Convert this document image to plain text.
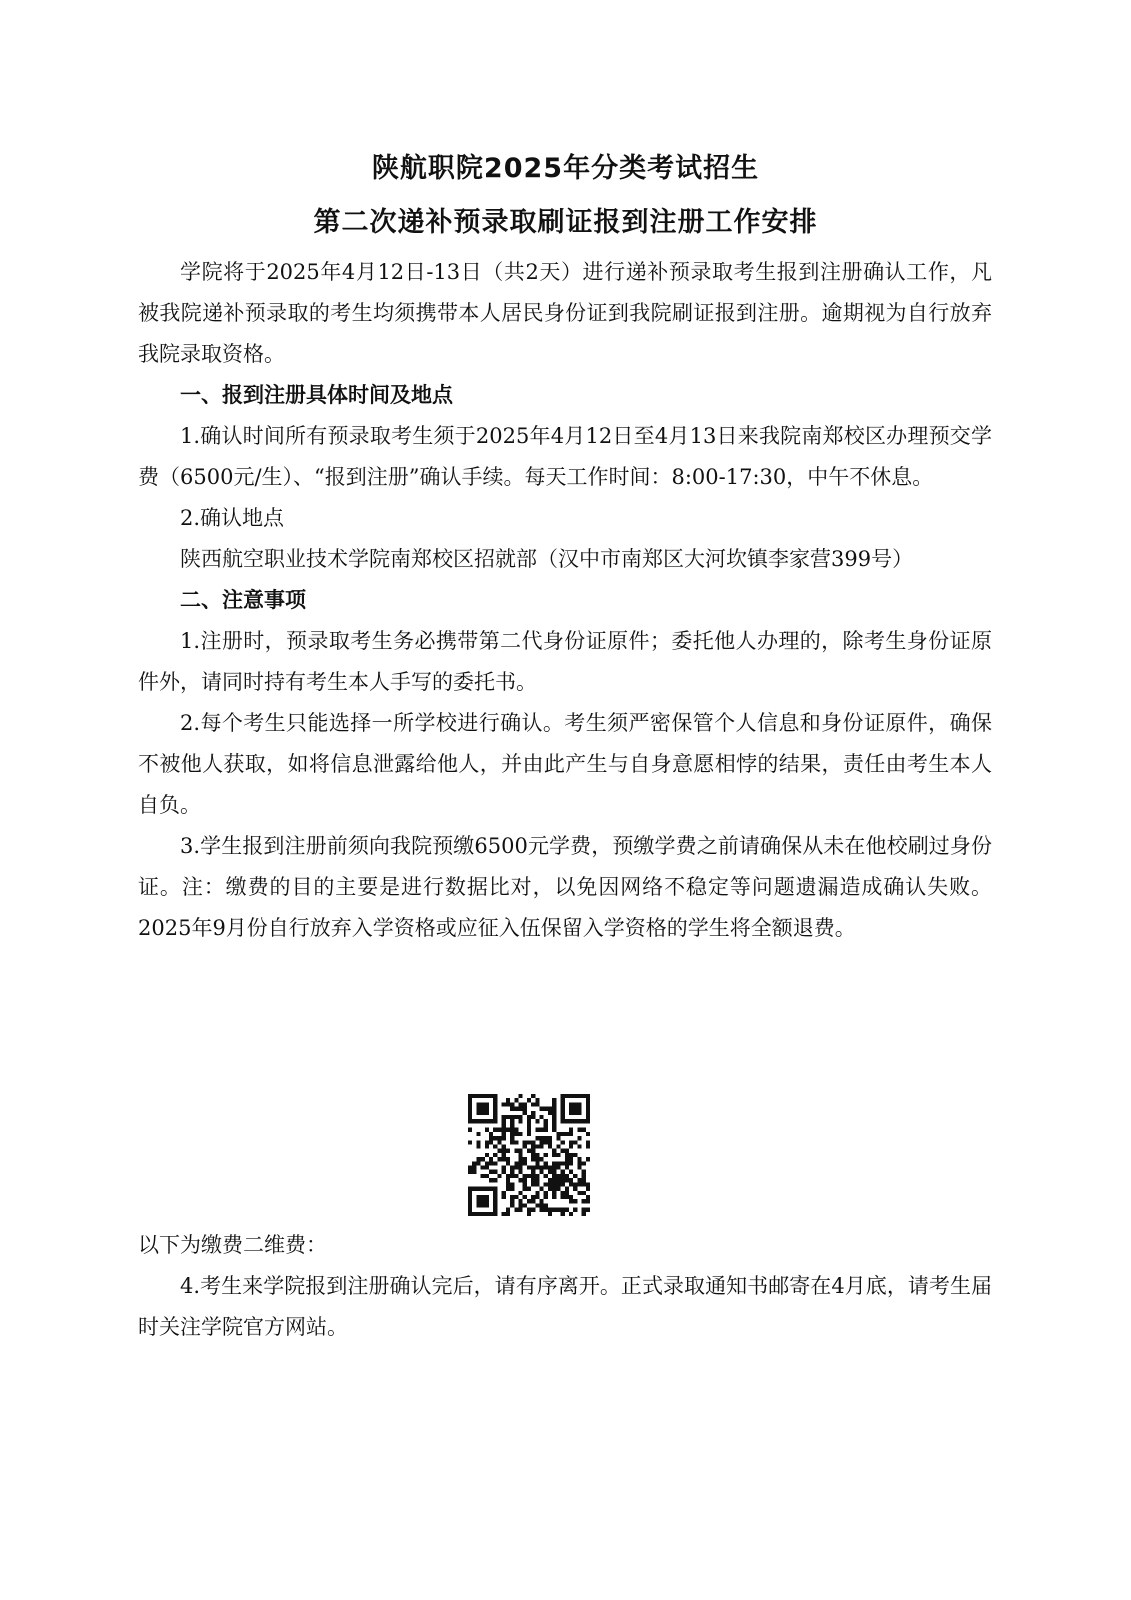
陕航职院2025年分类考试招生
第二次递补预录取刷证报到注册工作安排

学院将于2025年4月12日-13日（共2天）进行递补预录取考生报到注册确认工作，凡被我院递补预录取的考生均须携带本人居民身份证到我院刷证报到注册。逾期视为自行放弃我院录取资格。

一、报到注册具体时间及地点

1.确认时间所有预录取考生须于2025年4月12日至4月13日来我院南郑校区办理预交学费（6500元/生）、“报到注册”确认手续。每天工作时间：8:00-17:30，中午不休息。

2.确认地点

陕西航空职业技术学院南郑校区招就部（汉中市南郑区大河坎镇李家营399号）

二、注意事项

1.注册时，预录取考生务必携带第二代身份证原件；委托他人办理的，除考生身份证原件外，请同时持有考生本人手写的委托书。

2.每个考生只能选择一所学校进行确认。考生须严密保管个人信息和身份证原件，确保不被他人获取，如将信息泄露给他人，并由此产生与自身意愿相悖的结果，责任由考生本人自负。

3.学生报到注册前须向我院预缴6500元学费，预缴学费之前请确保从未在他校刷过身份证。注：缴费的目的主要是进行数据比对，以免因网络不稳定等问题遗漏造成确认失败。2025年9月份自行放弃入学资格或应征入伍保留入学资格的学生将全额退费。

以下为缴费二维费：

4.考生来学院报到注册确认完后，请有序离开。正式录取通知书邮寄在4月底，请考生届时关注学院官方网站。
